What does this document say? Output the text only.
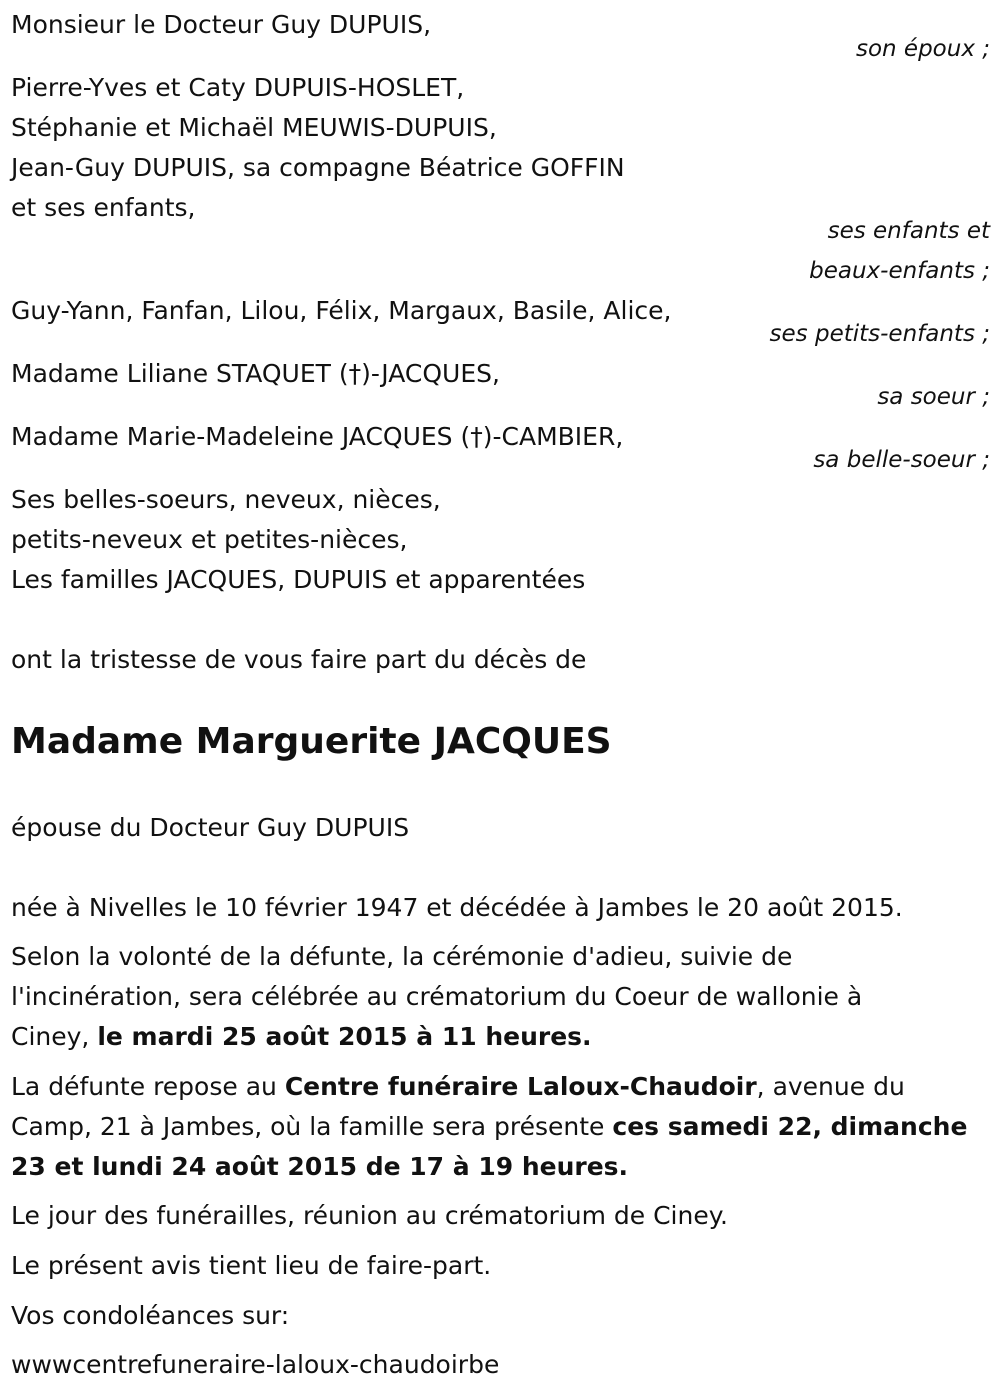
Monsieur le Docteur Guy DUPUIS,
son époux ;
Pierre-Yves et Caty DUPUIS-HOSLET,
Stéphanie et Michaël MEUWIS-DUPUIS,
Jean-Guy DUPUIS, sa compagne Béatrice GOFFIN
et ses enfants,
ses enfants et
beaux-enfants ;
Guy-Yann, Fanfan, Lilou, Félix, Margaux, Basile, Alice,
ses petits-enfants ;
Madame Liliane STAQUET (†)-JACQUES,
sa soeur ;
Madame Marie-Madeleine JACQUES (†)-CAMBIER,
sa belle-soeur ;
Ses belles-soeurs, neveux, nièces,
petits-neveux et petites-nièces,
Les familles JACQUES, DUPUIS et apparentées
ont la tristesse de vous faire part du décès de
Madame Marguerite JACQUES
épouse du Docteur Guy DUPUIS
née à Nivelles le 10 février 1947 et décédée à Jambes le 20 août 2015.
Selon la volonté de la défunte, la cérémonie d'adieu, suivie de
l'incinération, sera célébrée au crématorium du Coeur de wallonie à
Ciney, le mardi 25 août 2015 à 11 heures.
La défunte repose au Centre funéraire Laloux-Chaudoir, avenue du
Camp, 21 à Jambes, où la famille sera présente ces samedi 22, dimanche
23 et lundi 24 août 2015 de 17 à 19 heures.
Le jour des funérailles, réunion au crématorium de Ciney.
Le présent avis tient lieu de faire-part.
Vos condoléances sur:
wwwcentrefuneraire-laloux-chaudoirbe
